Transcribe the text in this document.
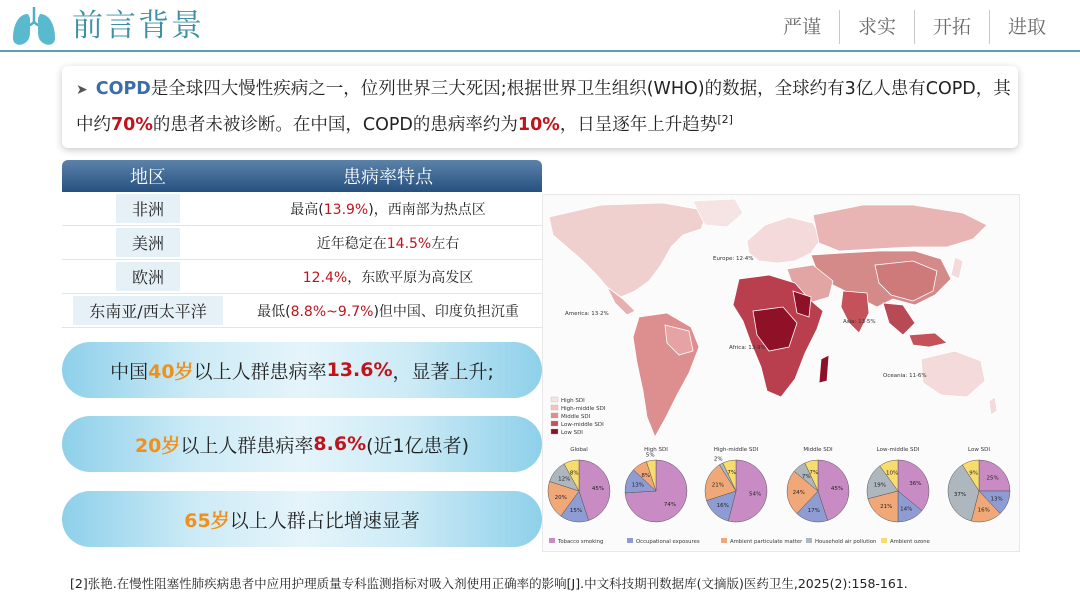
前言背景	严谨	求实	开拓	进取
➤ COPD是全球四大慢性疾病之一，位列世界三大死因;根据世界卫生组织(WHO)的数据，全球约有3亿人患有COPD，其中约70%的患者未被诊断。在中国，COPD的患病率约为10%，日呈逐年上升趋势[2]
地区	患病率特点
非洲	最高(13.9%)，西南部为热点区
美洲	近年稳定在14.5%左右
欧洲	12.4%，东欧平原为高发区
东南亚/西太平洋	最低(8.8%~9.7%)但中国、印度负担沉重
中国 40岁 以上人群患病率 13.6% ，显著上升;
20岁 以上人群患病率 8.6% (近1亿患者)
65岁 以上人群占比增速显著
Europe: 12·4%
America: 13·2%
Asia: 13·5%
Africa: 13·9%
Oceania: 11·6%
High SDI
High-middle SDI
Middle SDI
Low-middle SDI
Low SDI
Global	High SDI	High-middle SDI	Middle SDI	Low-middle SDI	Low SDI
45%
15%
20%
12%
8%
74%
13%
8%
5%
54%
16%
21%
2%
7%
45%
17%
24%
7%
7%
36%
14%
21%
19%
10%
25%
13%
16%
37%
9%
Tobacco smoking	Occupational exposures	Ambient particulate matter Household air pollution	Ambient ozone
[2]张艳.在慢性阻塞性肺疾病患者中应用护理质量专科监测指标对吸入剂使用正确率的影响[J].中文科技期刊数据库(文摘版)医药卫生,2025(2):158-161.
